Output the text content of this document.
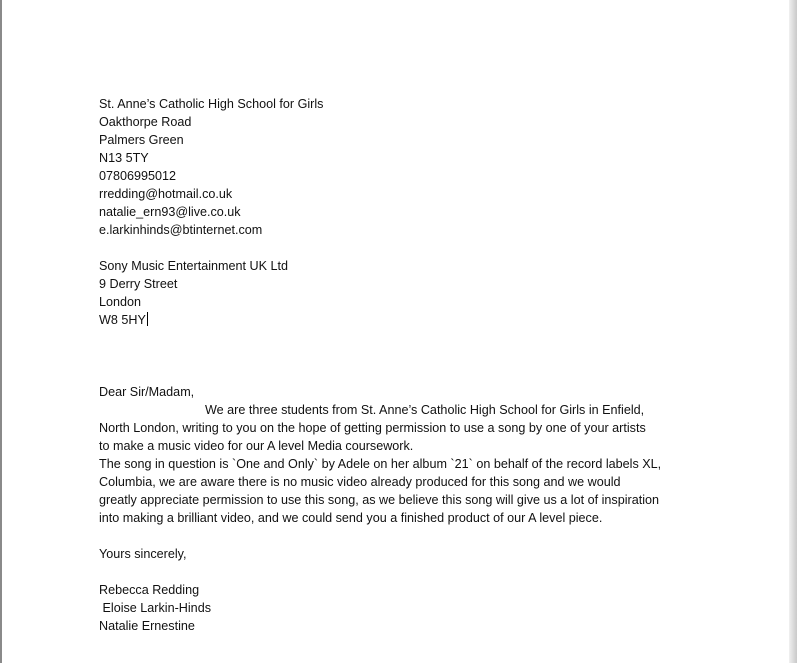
St. Anne’s Catholic High School for Girls
Oakthorpe Road
Palmers Green
N13 5TY
07806995012
rredding@hotmail.co.uk
natalie_ern93@live.co.uk
e.larkinhinds@btinternet.com
Sony Music Entertainment UK Ltd
9 Derry Street
London
W8 5HY
Dear Sir/Madam,
We are three students from St. Anne’s Catholic High School for Girls in Enfield,
North London, writing to you on the hope of getting permission to use a song by one of your artists
to make a music video for our A level Media coursework.
The song in question is `One and Only` by Adele on her album `21` on behalf of the record labels XL,
Columbia, we are aware there is no music video already produced for this song and we would
greatly appreciate permission to use this song, as we believe this song will give us a lot of inspiration
into making a brilliant video, and we could send you a finished product of our A level piece.
Yours sincerely,
Rebecca Redding
Eloise Larkin-Hinds
Natalie Ernestine
